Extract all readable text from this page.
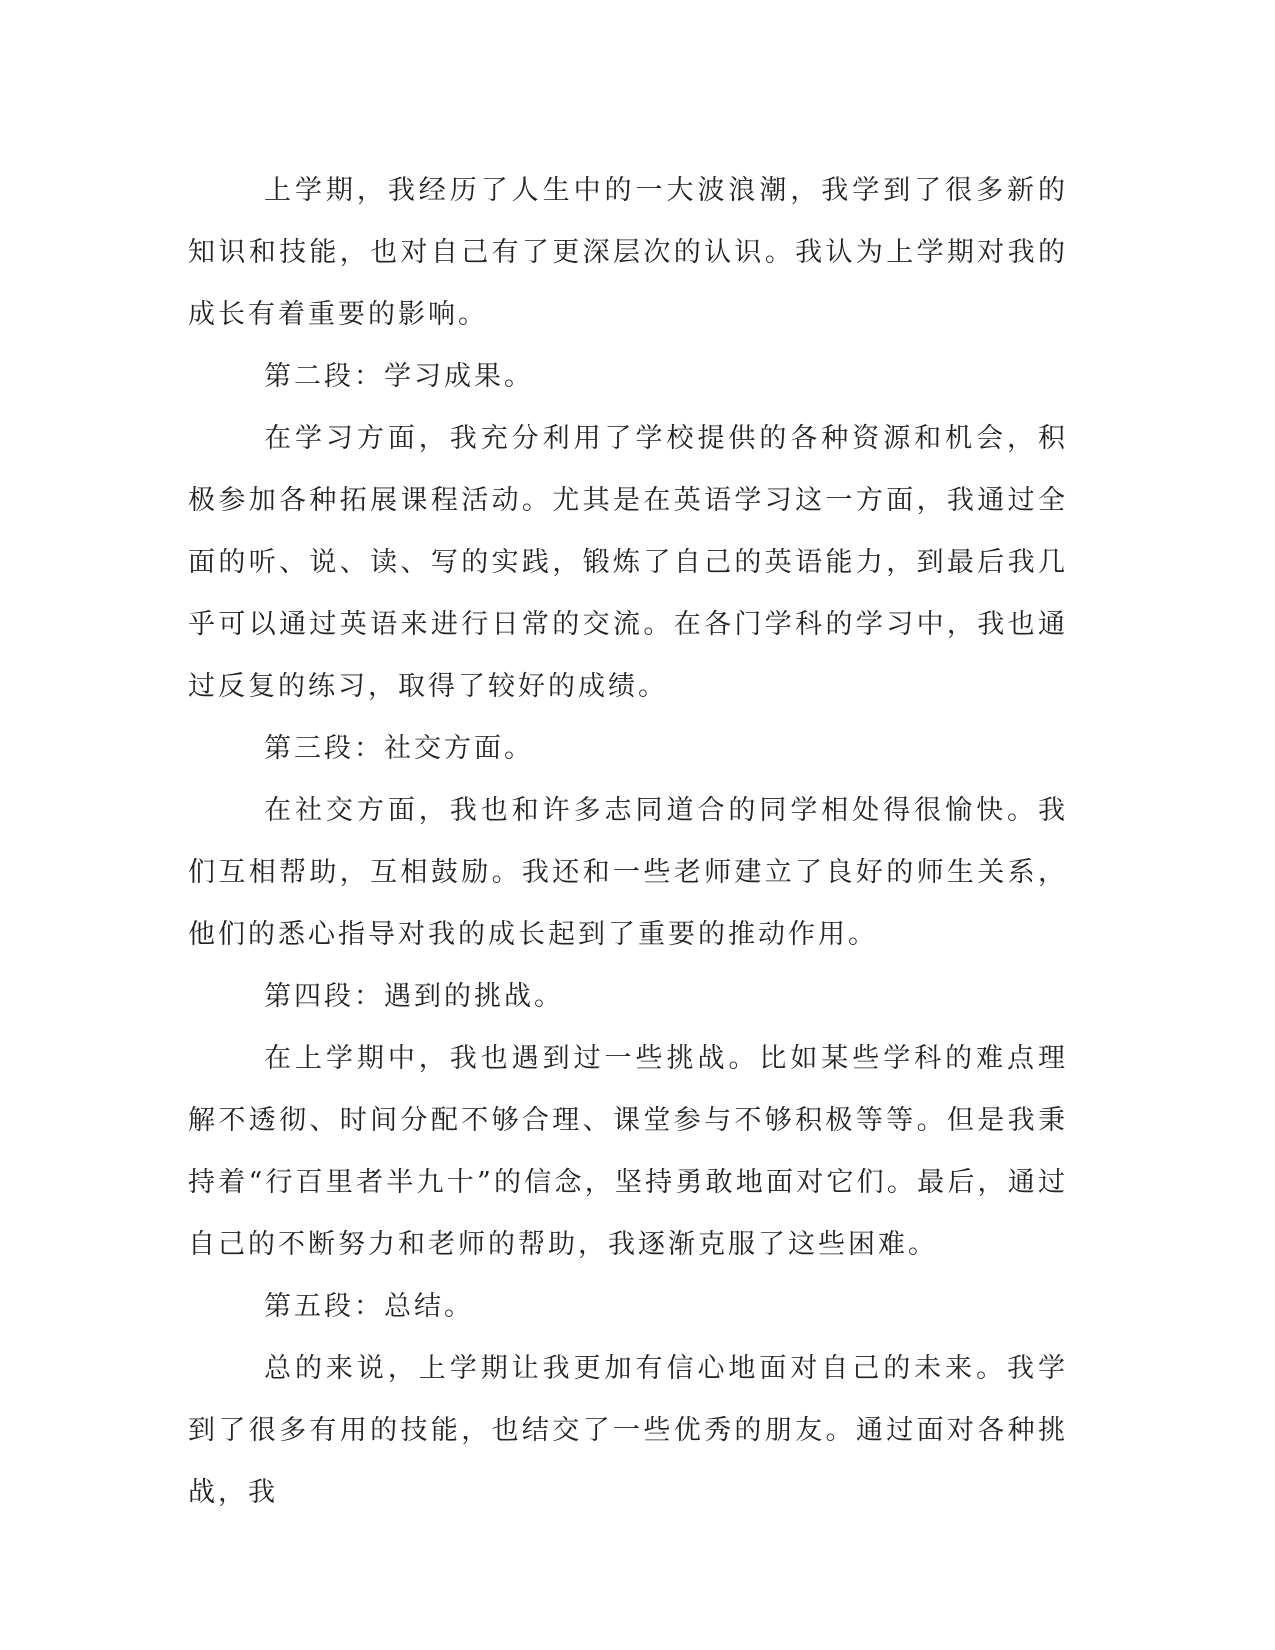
上学期，我经历了人生中的一大波浪潮，我学到了很多新的知识和技能，也对自己有了更深层次的认识。我认为上学期对我的成长有着重要的影响。

第二段：学习成果。

在学习方面，我充分利用了学校提供的各种资源和机会，积极参加各种拓展课程活动。尤其是在英语学习这一方面，我通过全面的听、说、读、写的实践，锻炼了自己的英语能力，到最后我几乎可以通过英语来进行日常的交流。在各门学科的学习中，我也通过反复的练习，取得了较好的成绩。

第三段：社交方面。

在社交方面，我也和许多志同道合的同学相处得很愉快。我们互相帮助，互相鼓励。我还和一些老师建立了良好的师生关系，他们的悉心指导对我的成长起到了重要的推动作用。

第四段：遇到的挑战。

在上学期中，我也遇到过一些挑战。比如某些学科的难点理解不透彻、时间分配不够合理、课堂参与不够积极等等。但是我秉持着“行百里者半九十”的信念，坚持勇敢地面对它们。最后，通过自己的不断努力和老师的帮助，我逐渐克服了这些困难。

第五段：总结。

总的来说，上学期让我更加有信心地面对自己的未来。我学到了很多有用的技能，也结交了一些优秀的朋友。通过面对各种挑战，我
